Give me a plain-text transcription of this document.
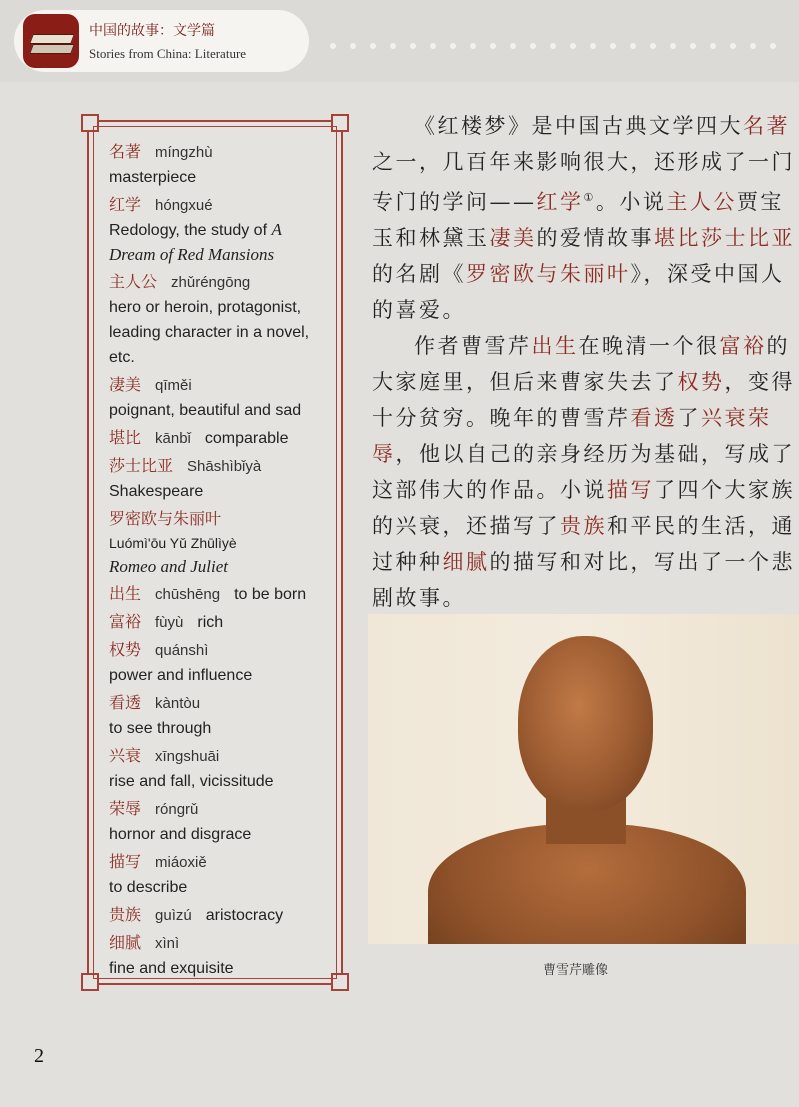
中国的故事：文学篇
Stories from China: Literature
名著 míngzhù
masterpiece
红学 hóngxué
Redology, the study of A
Dream of Red Mansions
主人公 zhǔréngōng
hero or heroin, protagonist,
leading character in a novel,
etc.
凄美 qīměi
poignant, beautiful and sad
堪比 kānbǐ comparable
莎士比亚 Shāshìbǐyà
Shakespeare
罗密欧与朱丽叶
Luómì'ōu Yǔ Zhūlìyè
Romeo and Juliet
出生 chūshēng to be born
富裕 fùyù rich
权势 quánshì
power and influence
看透 kàntòu
to see through
兴衰 xīngshuāi
rise and fall, vicissitude
荣辱 róngrǔ
hornor and disgrace
描写 miáoxiě
to describe
贵族 guìzú aristocracy
细腻 xìnì
fine and exquisite

《红楼梦》是中国古典文学四大名著之一，几百年来影响很大，还形成了一门专门的学问——红学①。小说主人公贾宝玉和林黛玉凄美的爱情故事堪比莎士比亚的名剧《罗密欧与朱丽叶》，深受中国人的喜爱。

作者曹雪芹出生在晚清一个很富裕的大家庭里，但后来曹家失去了权势，变得十分贫穷。晚年的曹雪芹看透了兴衰荣辱，他以自己的亲身经历为基础，写成了这部伟大的作品。小说描写了四个大家族的兴衰，还描写了贵族和平民的生活，通过种种细腻的描写和对比，写出了一个悲剧故事。

曹雪芹雕像
2
